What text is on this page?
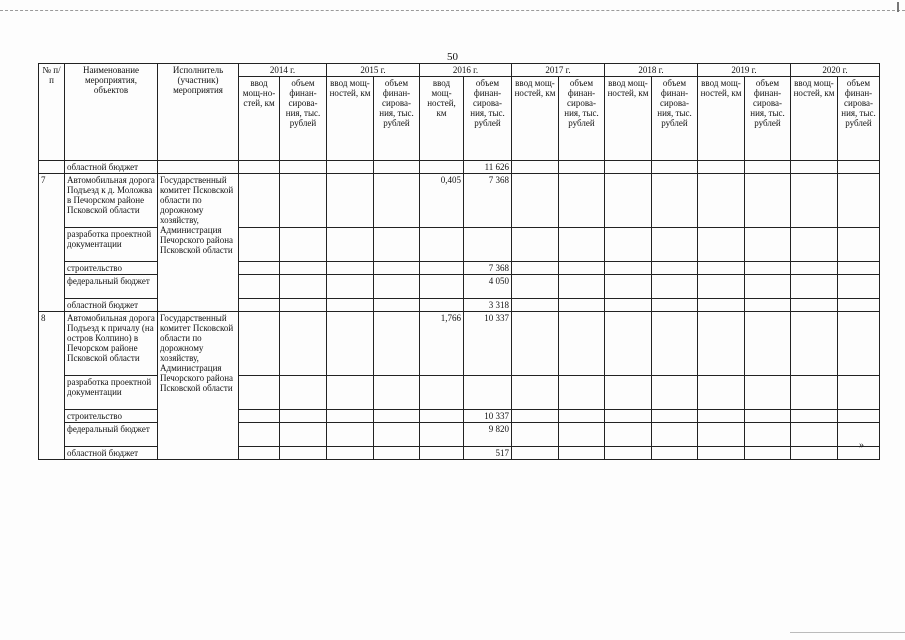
50
№ п/п	Наименование мероприятия, объектов	Исполнитель (участник) мероприятия	2014 г.		2015 г.		2016 г.		2017 г.		2018 г.		2019 г.		2020 г.	
			ввод мощ-но-стей, км	объем финан-сирова-ния, тыс. рублей	ввод мощ-ностей, км	объем финан-сирова-ния, тыс. рублей	ввод мощ-ностей, км	объем финан-сирова-ния, тыс. рублей	ввод мощ-ностей, км	объем финан-сирова-ния, тыс. рублей	ввод мощ-ностей, км	объем финан-сирова-ния, тыс. рублей	ввод мощ-ностей, км	объем финан-сирова-ния, тыс. рублей	ввод мощ-ностей, км	объем финан-сирова-ния, тыс. рублей
	областной бюджет							11 626								
7	Автомобильная дорога Подъезд к д. Моложва в Печорском районе Псковской области	Государственный комитет Псковской области по дорожному хозяйству, Администрация Печорского района Псковской области					0,405	7 368								
	разработка проектной документации															
	строительство							7 368								
	федеральный бюджет							4 050								
	областной бюджет							3 318								
8	Автомобильная дорога Подъезд к причалу (на остров Колпино) в Печорском районе Псковской области	Государственный комитет Псковской области по дорожному хозяйству, Администрация Печорского района Псковской области					1,766	10 337								
	разработка проектной документации															
	строительство							10 337								
	федеральный бюджет							9 820								
	областной бюджет							517								
»
